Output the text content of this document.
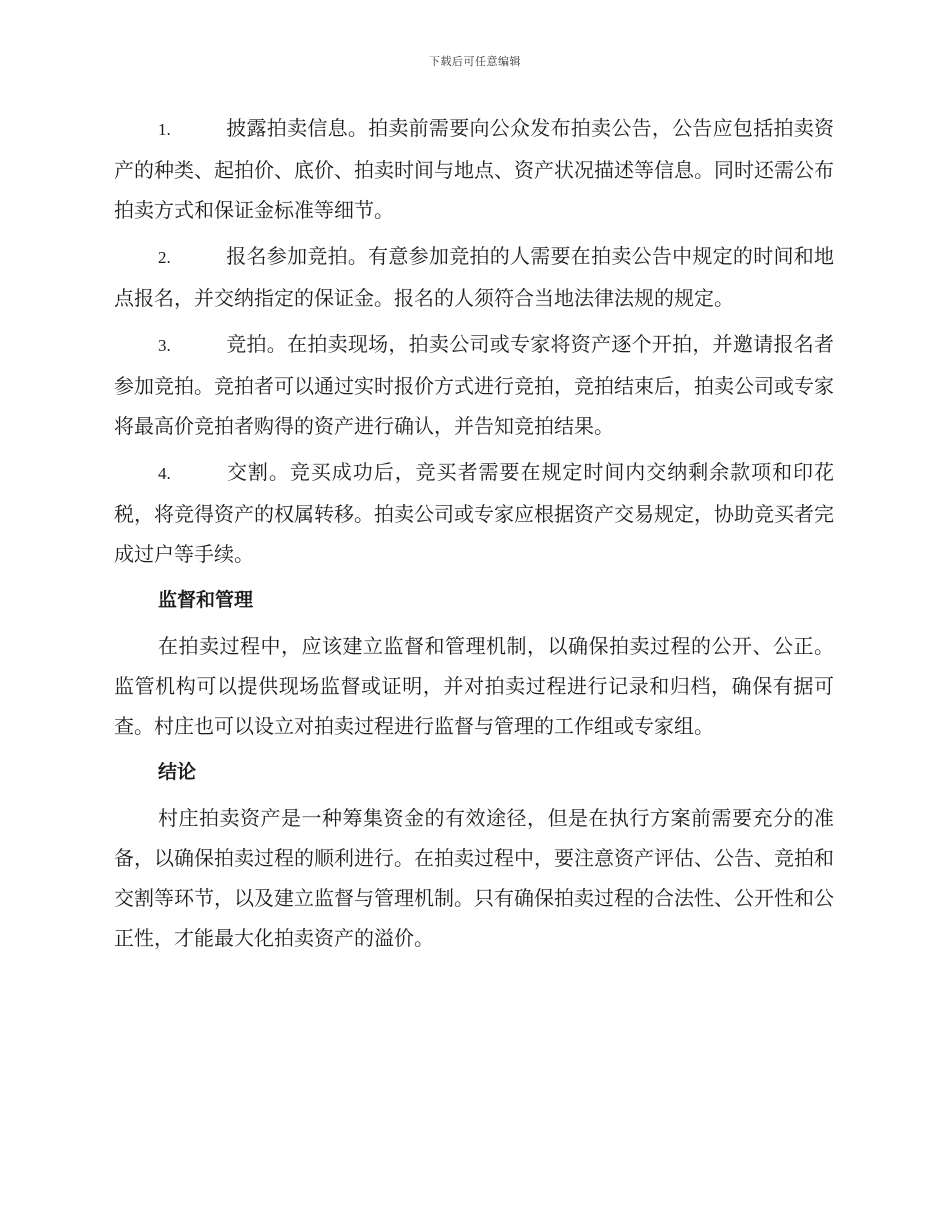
下载后可任意编辑

1.	披露拍卖信息。拍卖前需要向公众发布拍卖公告，公告应包括拍卖资产的种类、起拍价、底价、拍卖时间与地点、资产状况描述等信息。同时还需公布拍卖方式和保证金标准等细节。

2.	报名参加竞拍。有意参加竞拍的人需要在拍卖公告中规定的时间和地点报名，并交纳指定的保证金。报名的人须符合当地法律法规的规定。

3.	竞拍。在拍卖现场，拍卖公司或专家将资产逐个开拍，并邀请报名者参加竞拍。竞拍者可以通过实时报价方式进行竞拍，竞拍结束后，拍卖公司或专家将最高价竞拍者购得的资产进行确认，并告知竞拍结果。

4.	交割。竞买成功后，竞买者需要在规定时间内交纳剩余款项和印花税，将竞得资产的权属转移。拍卖公司或专家应根据资产交易规定，协助竞买者完成过户等手续。

监督和管理

在拍卖过程中，应该建立监督和管理机制，以确保拍卖过程的公开、公正。监管机构可以提供现场监督或证明，并对拍卖过程进行记录和归档，确保有据可查。村庄也可以设立对拍卖过程进行监督与管理的工作组或专家组。

结论

村庄拍卖资产是一种筹集资金的有效途径，但是在执行方案前需要充分的准备，以确保拍卖过程的顺利进行。在拍卖过程中，要注意资产评估、公告、竞拍和交割等环节，以及建立监督与管理机制。只有确保拍卖过程的合法性、公开性和公正性，才能最大化拍卖资产的溢价。
